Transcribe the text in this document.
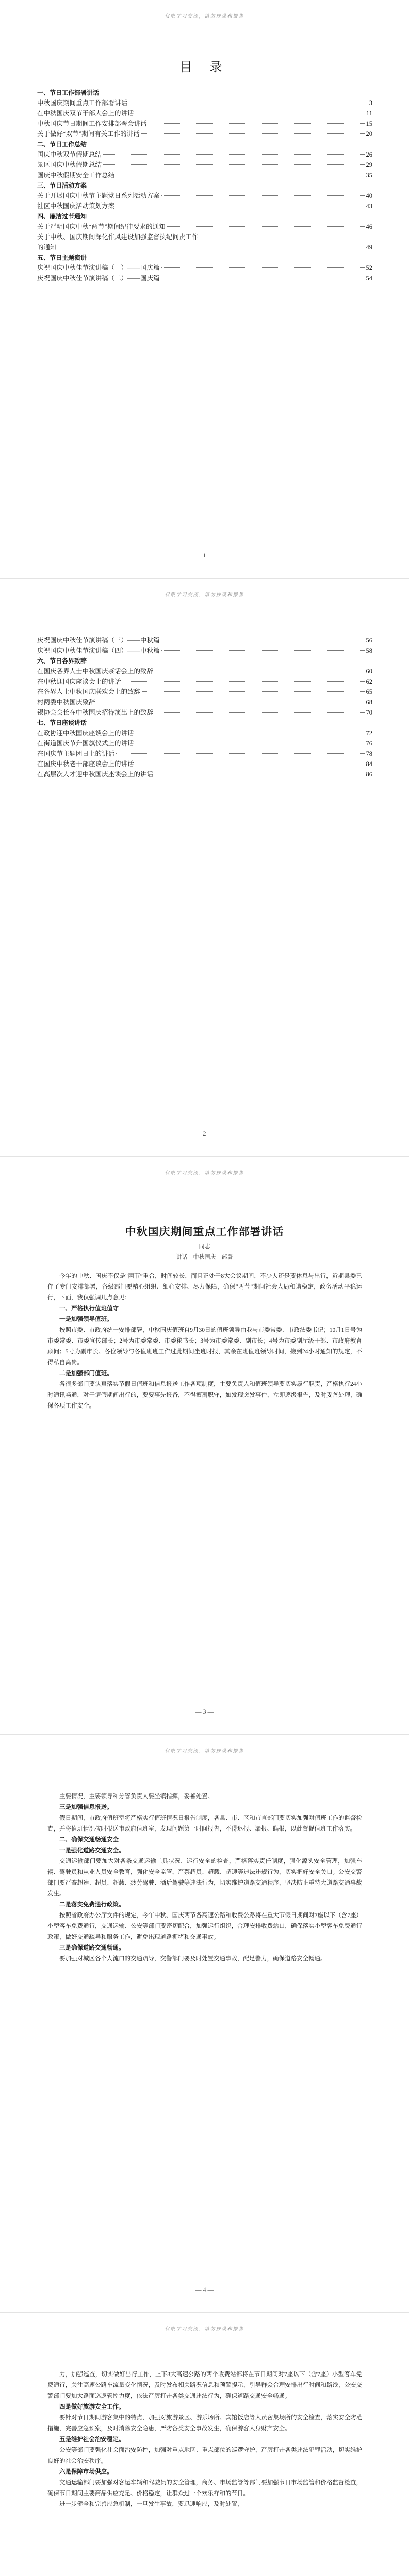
仅限学习交流，请勿抄袭和搬售
目 录
一、节日工作部署讲话
中秋国庆期间重点工作部署讲话	3
在中秋国庆双节干部大会上的讲话	11
中秋国庆节日期间工作安排部署会讲话	15
关于做好“双节”期间有关工作的讲话	20
二、节日工作总结
国庆中秋双节假期总结	26
景区国庆中秋假期总结	29
国庆中秋假期安全工作总结	35
三、节日活动方案
关于开展国庆中秋节主题党日系列活动方案	40
社区中秋国庆活动策划方案	43
四、廉洁过节通知
关于严明国庆中秋“两节”期间纪律要求的通知	46
关于中秋、国庆期间深化作风建设加强监督执纪问责工作
的通知	49
五、节日主题演讲
庆祝国庆中秋佳节演讲稿（一）——国庆篇	52
庆祝国庆中秋佳节演讲稿（二）——国庆篇	54
— 1 —
仅限学习交流，请勿抄袭和搬售
庆祝国庆中秋佳节演讲稿（三）——中秋篇	56
庆祝国庆中秋佳节演讲稿（四）——中秋篇	58
六、节日各界致辞
在国庆各界人士中秋国庆茶话会上的致辞	60
在中秋迎国庆座谈会上的讲话	62
在各界人士中秋国庆联欢会上的致辞	65
村两委中秋国庆致辞	68
银协会会长在中秋国庆招待演出上的致辞	70
七、节日座谈讲话
在政协迎中秋国庆座谈会上的讲话	72
在街道国庆节升国旗仪式上的讲话	76
在国庆节主题团日上的讲话	78
在国庆中秋老干部座谈会上的讲话	84
在高层次人才迎中秋国庆座谈会上的讲话	86
— 2 —
仅限学习交流，请勿抄袭和搬售
中秋国庆期间重点工作部署讲话
同志
讲话　中秋国庆　部署

今年的中秋、国庆不仅是“两节”重合，时间较长，而且正处于8大会议期间，不少人还是要休息与出行，近期县委已作了专门安排部署，各级部门要精心组织、细心安排、尽力保障，确保“两节”期间社会大局和谐稳定，政务活动平稳运行，下面，我仅强调几点意见：

一、严格执行值班值守

一是加强领导值班。

按照市委、市政府统一安排部署，中秋国庆值班自9月30日的值班领导由我与市委常委、市政法委书记；10月1日号为市委常委、市委宣传部长；2号为市委常委、市委秘书长；3号为市委常委、副市长；4号为市委副厅级干部、市政府教育顾问；5号为副市长、各位领导与各值班班工作过此期间坐班时报，其余在班值班领导时间，接到24小时通知的规定，不得私自离岗。

二是加强部门值班。

各很多部门要认真落实节假日值班和信息报送工作各项制度，主要负责人和值班领导要切实履行职责，严格执行24小时通讯畅通，对于请假期间出行的，要要事先报备，不得擅离职守，如发现突发事件，立即逐级报告，及时妥善处理，确保各项工作安全。

— 3 —
仅限学习交流，请勿抄袭和搬售

主要情况，主要领导和分管负责人要坐镇指挥，妥善处置。

三是加强信息报送。

假日期间，市政府值班室将严格实行值班情况日报告制度，各县、市、区和市直部门要切实加强对值班工作的监督检查，并将值班情况按时报送市政府值班室，发现问题第一时间报告，不得迟报、漏报、瞒报，以此督促值班工作落实。

二、确保交通畅通安全

一是强化道路交通安全。

交通运输部门要加大对各条交通运输工具状况、运行安全的检查，严格落实责任制度，强化源头安全管理，加强车辆、驾驶员和从业人员安全教育，强化安全监管，严禁超员、超载、超速等违法违规行为，切实把好安全关口。公安交警部门要严查超速、超员、超载、疲劳驾驶、酒后驾驶等违法行为，切实维护道路交通秩序，坚决防止重特大道路交通事故发生。

二是落实免费通行政策。

按照省政府办公厅文件的规定，今年中秋、国庆两节各高速公路和收费公路将在重大节假日期间对7座以下（含7座）小型客车免费通行，交通运输、公安等部门要密切配合，加强运行组织，合理安排收费站口，确保落实小型客车免费通行政策，做好交通疏导和服务工作，避免出现道路拥堵和交通事故。

三是确保道路交通畅通。

要加强对城区各个人流口的交通疏导，交警部门要及时处置交通事故，配足警力，确保道路安全畅通。

— 4 —
仅限学习交流，请勿抄袭和搬售

力，加强巡查，切实做好出行工作，上下8大高速公路的两个收费站都将在节日期间对7座以下（含7座）小型客车免费通行，关注高速公路车流量变化情况，及时发布相关路况信息和预警提示，引导群众合理安排出行时间和路线，公安交警部门要加大路面巡逻管控力度，依法严厉打击各类交通违法行为，确保道路交通安全畅通。

四是做好旅游安全工作。

要针对节日期间游客集中的特点，加强对旅游景区、游乐场所、宾馆饭店等人员密集场所的安全检查，落实安全防范措施，完善应急预案，及时消除安全隐患，严防各类安全事故发生，确保游客人身财产安全。

五是维护社会治安稳定。

公安等部门要强化社会面治安防控，加强对重点地区、重点部位的巡逻守护，严厉打击各类违法犯罪活动，切实维护良好的社会治安秩序。

六是保障市场供应。

交通运输部门要加强对客运车辆和驾驶员的安全管理，商务、市场监管等部门要加强节日市场监管和价格监督检查，确保节日期间主要商品供应充足、价格稳定，让群众过一个欢乐祥和的节日。

进一步健全和完善应急机制，一旦发生事故，要迅速响应，及时处置，
